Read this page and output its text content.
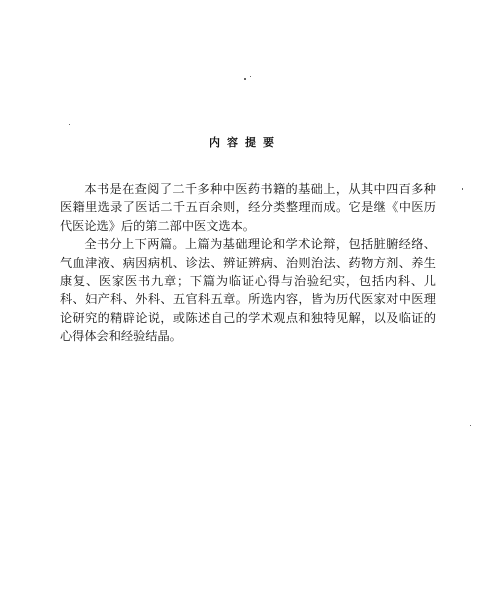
内容提要

本书是在查阅了二千多种中医药书籍的基础上，从其中四百多种医籍里选录了医话二千五百余则，经分类整理而成。它是继《中医历代医论选》后的第二部中医文选本。

全书分上下两篇。上篇为基础理论和学术论辩，包括脏腑经络、气血津液、病因病机、诊法、辨证辨病、治则治法、药物方剂、养生康复、医家医书九章；下篇为临证心得与治验纪实，包括内科、儿科、妇产科、外科、五官科五章。所选内容，皆为历代医家对中医理论研究的精辟论说，或陈述自己的学术观点和独特见解，以及临证的心得体会和经验结晶。
